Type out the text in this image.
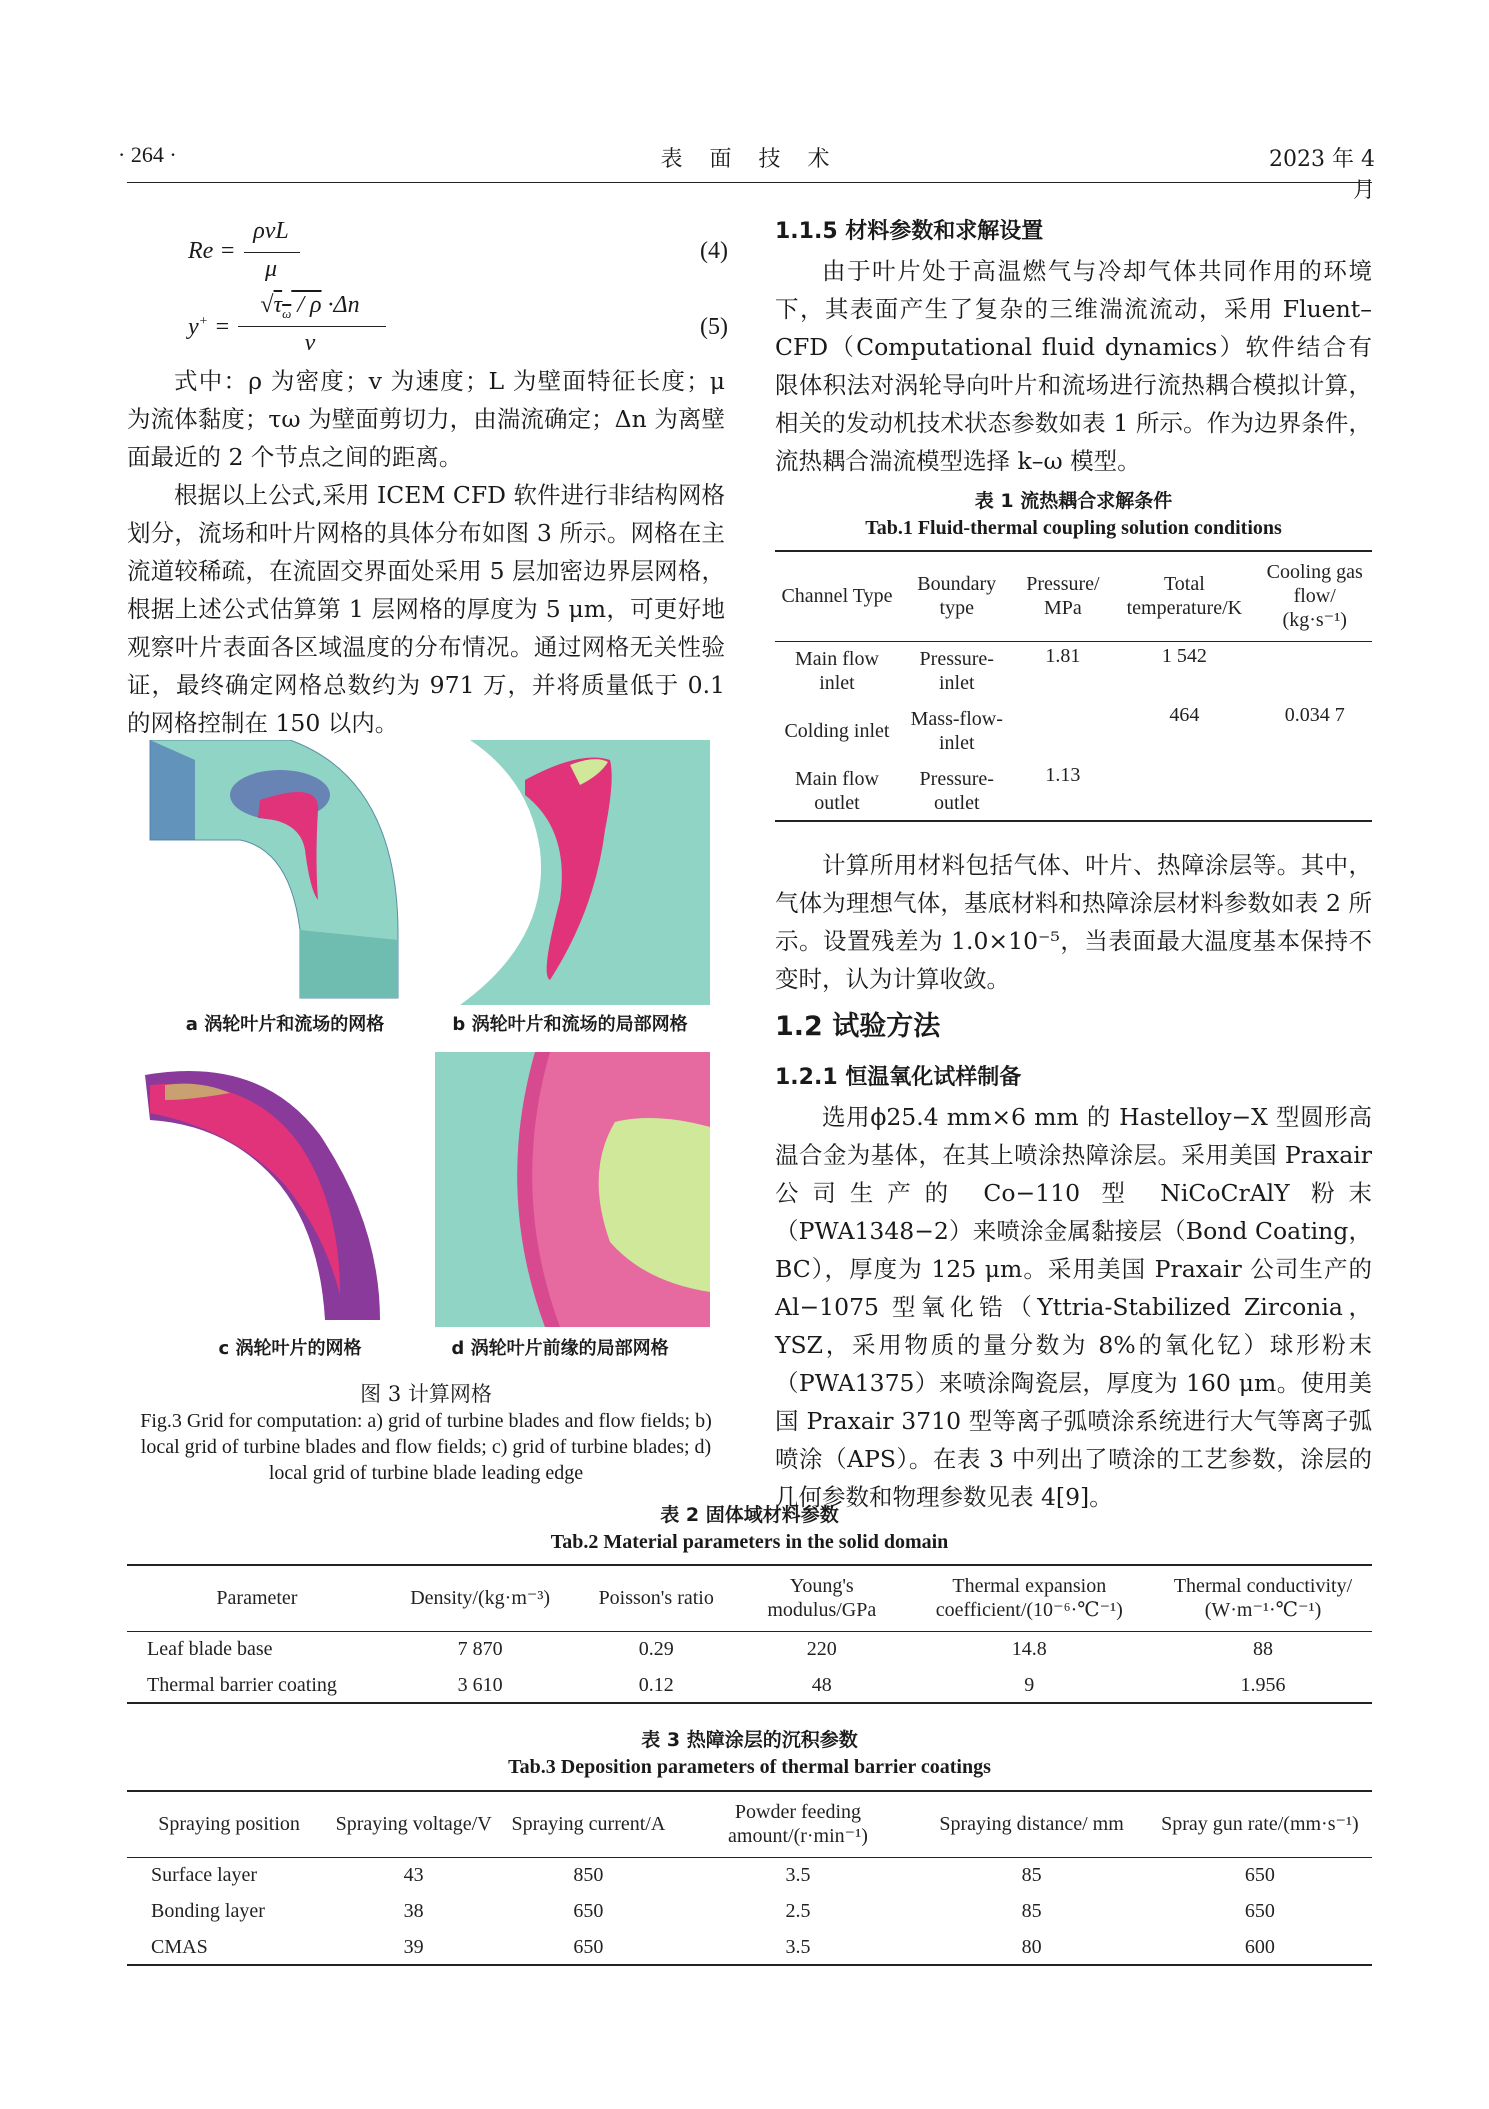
· 264 ·	表 面 技 术	2023 年 4 月
Re =
ρvL
μ
(4)
y+ =
$√\tau_\omega / \rho \cdot\Delta n$
v
(5)

式中：ρ 为密度；v 为速度；L 为壁面特征长度；μ 为流体黏度；τω 为壁面剪切力，由湍流确定；Δn 为离壁面最近的 2 个节点之间的距离。

根据以上公式,采用 ICEM CFD 软件进行非结构网格划分，流场和叶片网格的具体分布如图 3 所示。网格在主流道较稀疏，在流固交界面处采用 5 层加密边界层网格，根据上述公式估算第 1 层网格的厚度为 5 μm，可更好地观察叶片表面各区域温度的分布情况。通过网格无关性验证，最终确定网格总数约为 971 万，并将质量低于 0.1 的网格控制在 150 以内。

a 涡轮叶片和流场的网格	b 涡轮叶片和流场的局部网格
c 涡轮叶片的网格	d 涡轮叶片前缘的局部网格
图 3 计算网格
Fig.3 Grid for computation: a) grid of turbine blades and flow fields; b) local grid of turbine blades and flow fields; c) grid of turbine blades; d) local grid of turbine blade leading edge
1.1.5 材料参数和求解设置

由于叶片处于高温燃气与冷却气体共同作用的环境下，其表面产生了复杂的三维湍流流动，采用 Fluent–CFD（Computational fluid dynamics）软件结合有限体积法对涡轮导向叶片和流场进行流热耦合模拟计算，相关的发动机技术状态参数如表 1 所示。作为边界条件，流热耦合湍流模型选择 k–ω 模型。

表 1 流热耦合求解条件
Tab.1 Fluid-thermal coupling solution conditions
Channel Type	Boundary type	Pressure/ MPa	Total temperature/K	Cooling gas flow/ (kg·s⁻¹)
Main flow inlet	Pressure-inlet	1.81	1 542	
Colding inlet	Mass-flow-inlet		464	0.034 7
Main flow outlet	Pressure-outlet	1.13		

计算所用材料包括气体、叶片、热障涂层等。其中，气体为理想气体，基底材料和热障涂层材料参数如表 2 所示。设置残差为 1.0×10⁻⁵，当表面最大温度基本保持不变时，认为计算收敛。

1.2 试验方法
1.2.1 恒温氧化试样制备

选用ϕ25.4 mm×6 mm 的 Hastelloy−X 型圆形高温合金为基体，在其上喷涂热障涂层。采用美国 Praxair 公司生产的 Co−110 型 NiCoCrAlY 粉末（PWA1348−2）来喷涂金属黏接层（Bond Coating，BC），厚度为 125 μm。采用美国 Praxair 公司生产的 Al−1075 型氧化锆（Yttria-Stabilized Zirconia，YSZ，采用物质的量分数为 8%的氧化钇）球形粉末（PWA1375）来喷涂陶瓷层，厚度为 160 μm。使用美国 Praxair 3710 型等离子弧喷涂系统进行大气等离子弧喷涂（APS）。在表 3 中列出了喷涂的工艺参数，涂层的几何参数和物理参数见表 4[9]。

表 2 固体域材料参数
Tab.2 Material parameters in the solid domain
Parameter	Density/(kg·m⁻³)	Poisson's ratio	Young's modulus/GPa	Thermal expansion coefficient/(10⁻⁶·℃⁻¹)	Thermal conductivity/ (W·m⁻¹·℃⁻¹)
Leaf blade base	7 870	0.29	220	14.8	88
Thermal barrier coating	3 610	0.12	48	9	1.956
表 3 热障涂层的沉积参数
Tab.3 Deposition parameters of thermal barrier coatings
Spraying position	Spraying voltage/V	Spraying current/A	Powder feeding amount/(r·min⁻¹)	Spraying distance/ mm	Spray gun rate/(mm·s⁻¹)
Surface layer	43	850	3.5	85	650
Bonding layer	38	650	2.5	85	650
CMAS	39	650	3.5	80	600
